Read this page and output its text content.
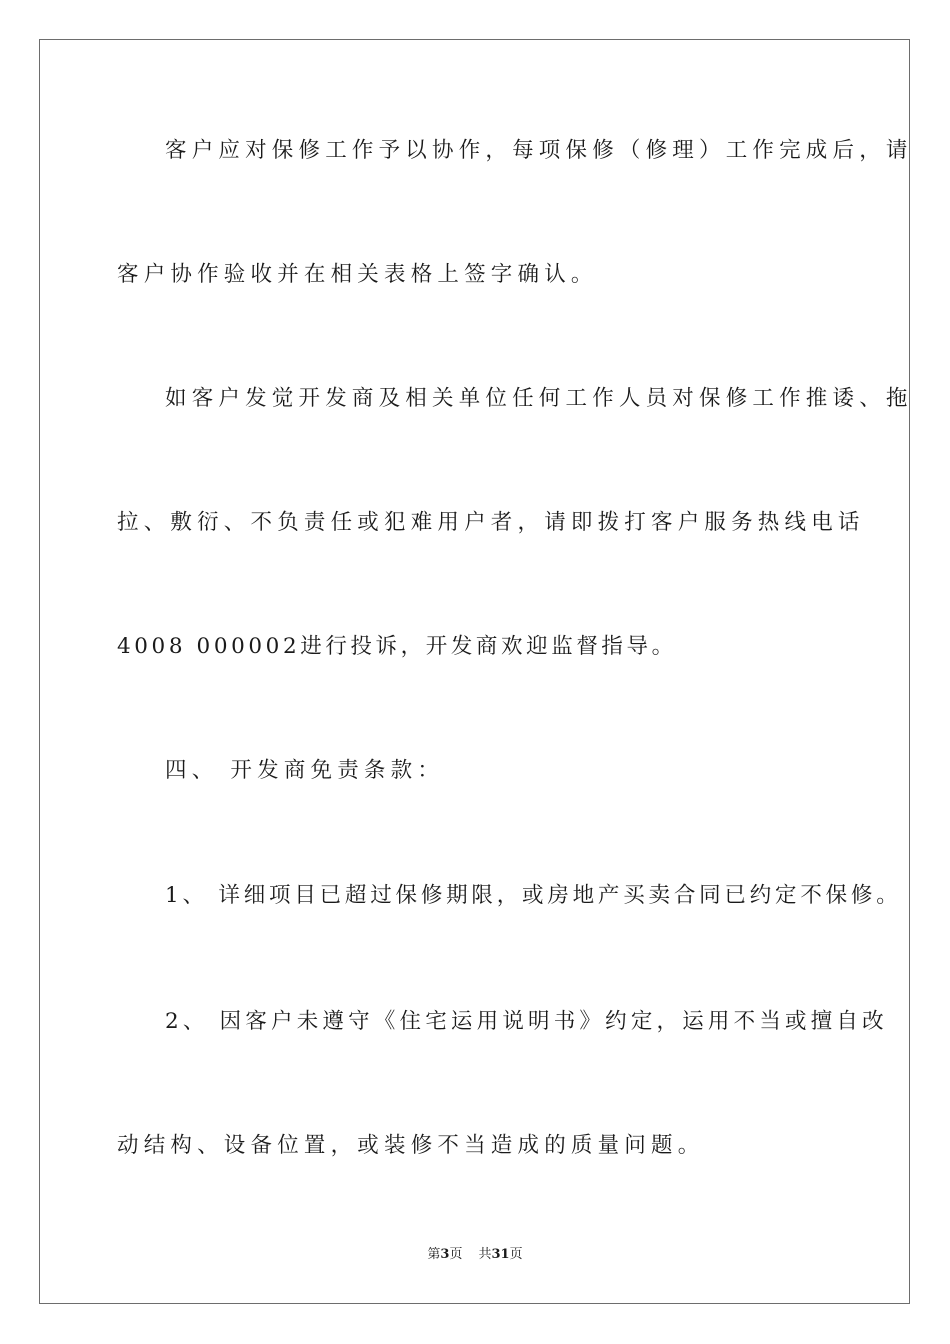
客户应对保修工作予以协作，每项保修（修理）工作完成后，请
客户协作验收并在相关表格上签字确认。
如客户发觉开发商及相关单位任何工作人员对保修工作推诿、拖
拉、敷衍、不负责任或犯难用户者，请即拨打客户服务热线电话
4008 000002进行投诉，开发商欢迎监督指导。
四、 开发商免责条款：
1、 详细项目已超过保修期限，或房地产买卖合同已约定不保修。
2、 因客户未遵守《住宅运用说明书》约定，运用不当或擅自改
动结构、设备位置，或装修不当造成的质量问题。
第3页 共31页
